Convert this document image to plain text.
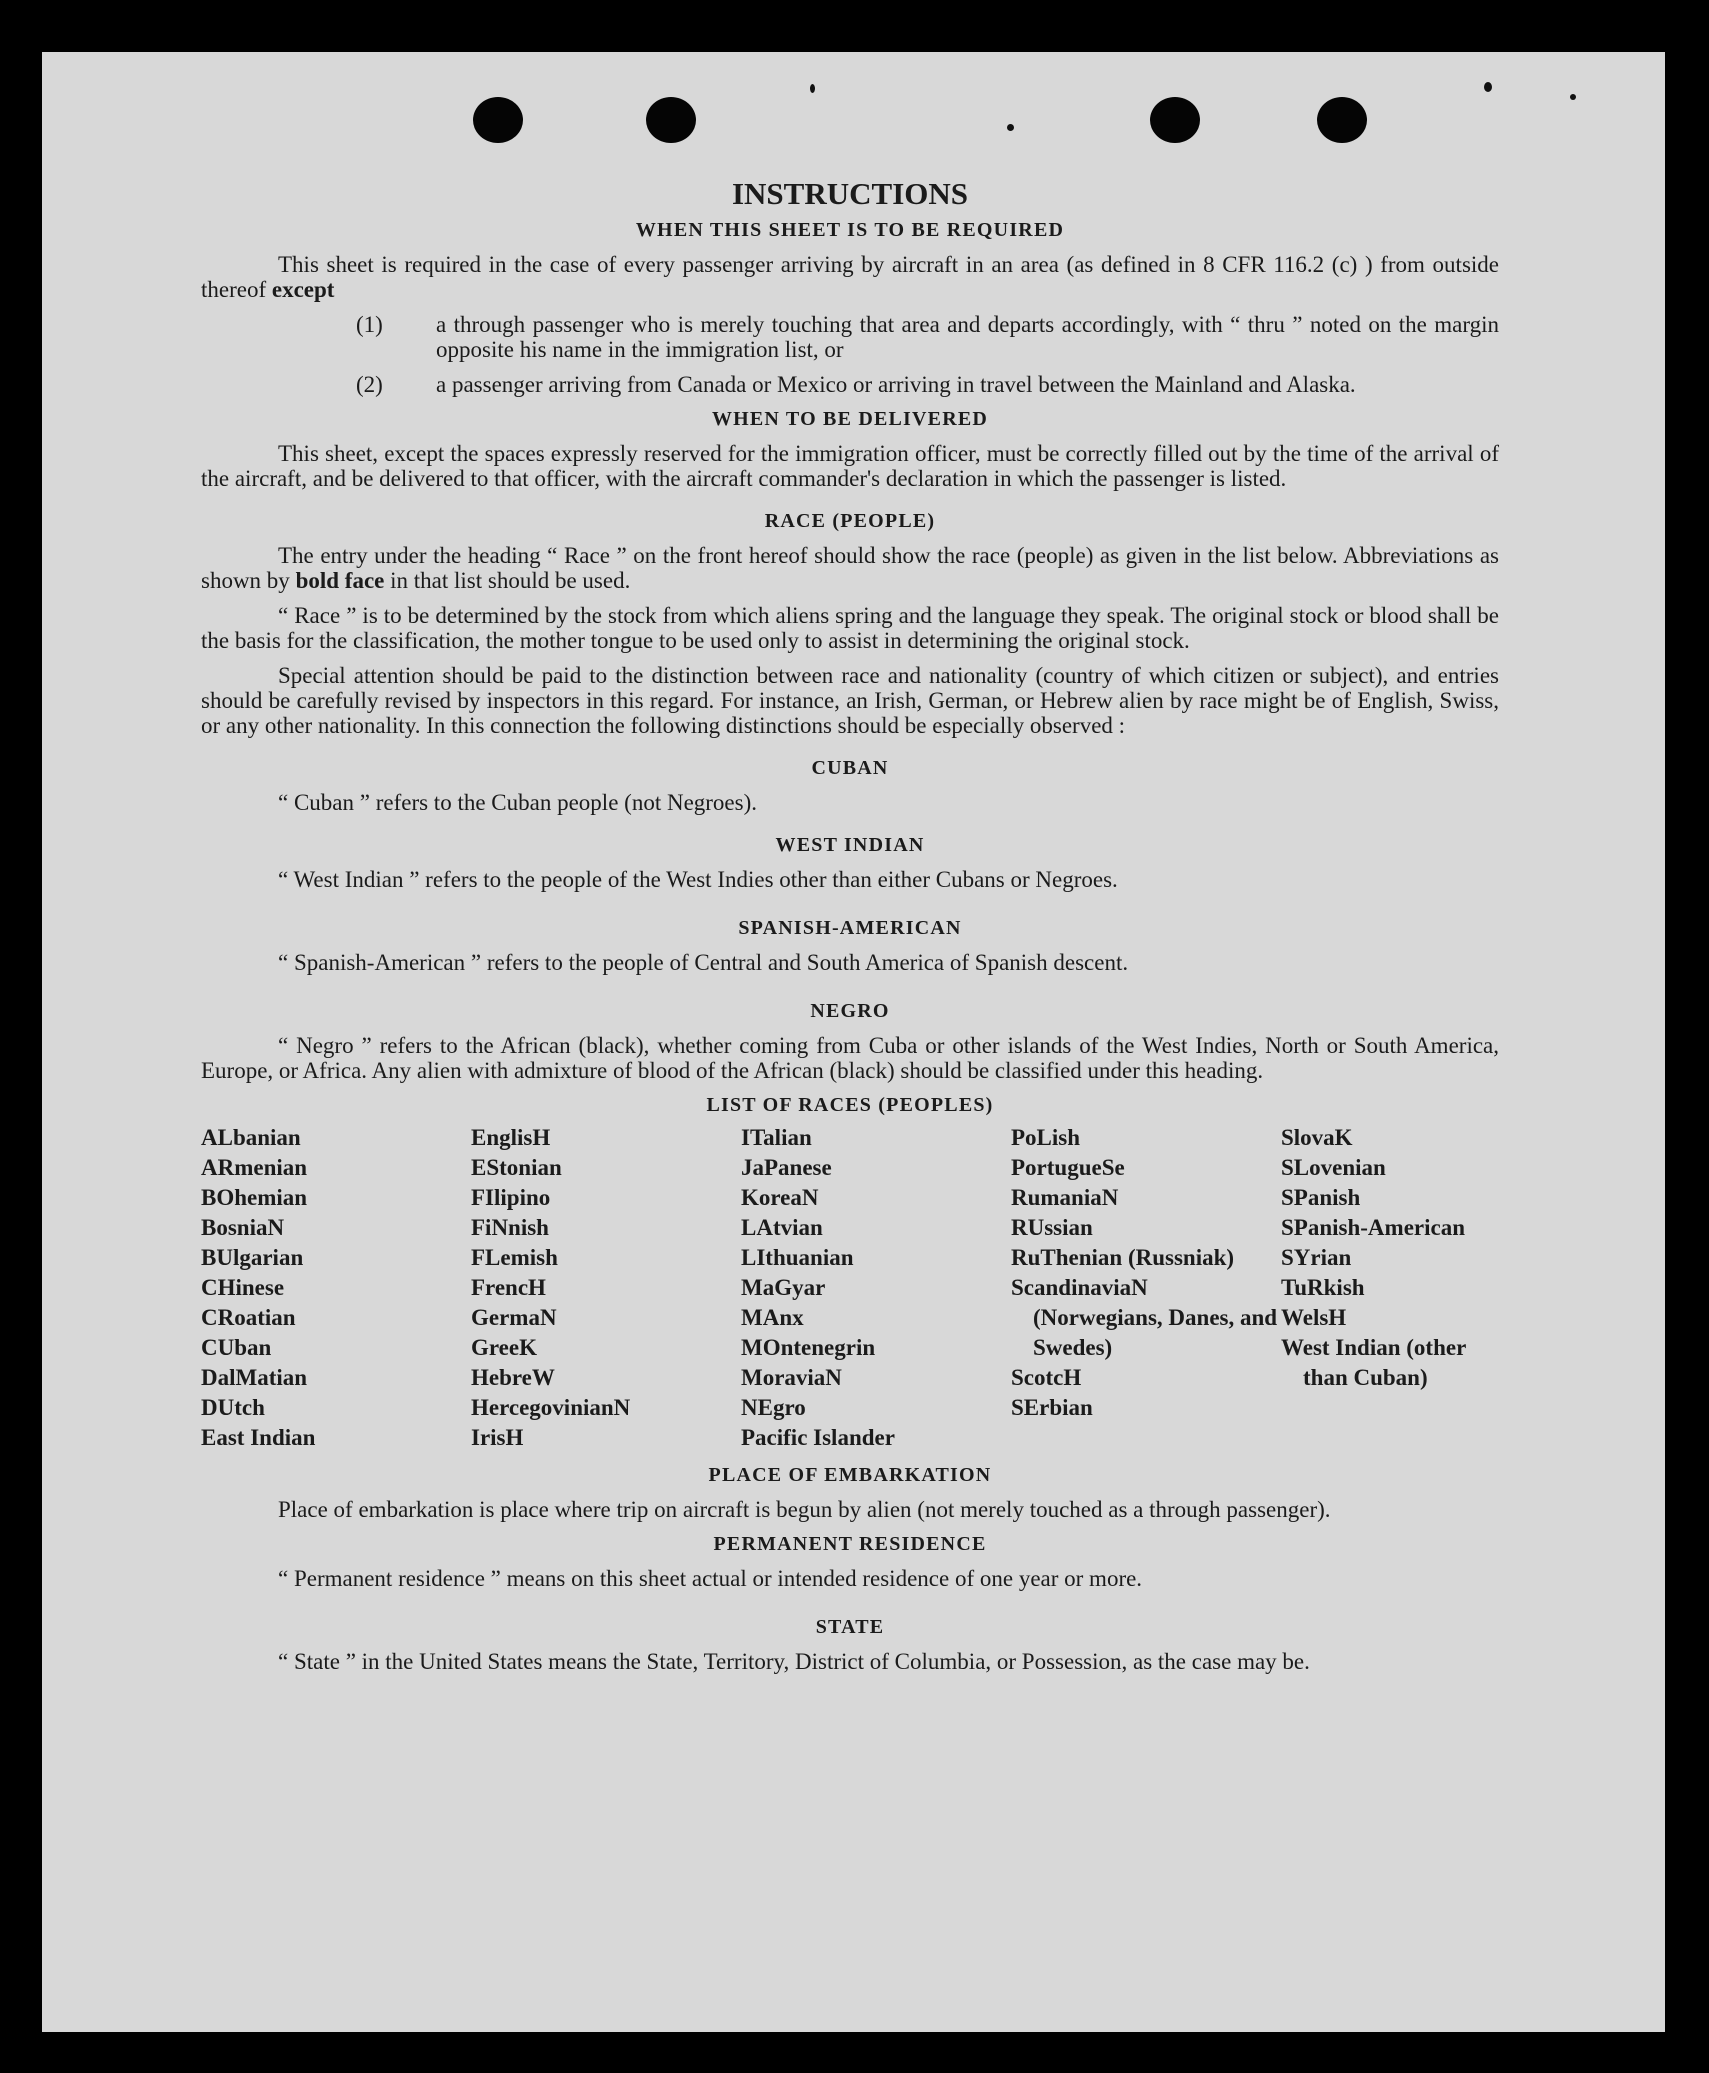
INSTRUCTIONS
WHEN THIS SHEET IS TO BE REQUIRED

This sheet is required in the case of every passenger arriving by aircraft in an area (as defined in 8 CFR 116.2 (c) ) from outside thereof except

(1) a through passenger who is merely touching that area and departs accordingly, with “ thru ” noted on the margin opposite his name in the immigration list, or

(2) a passenger arriving from Canada or Mexico or arriving in travel between the Mainland and Alaska.

WHEN TO BE DELIVERED

This sheet, except the spaces expressly reserved for the immigration officer, must be correctly filled out by the time of the arrival of the aircraft, and be delivered to that officer, with the aircraft commander's declaration in which the passenger is listed.

RACE (PEOPLE)

The entry under the heading “ Race ” on the front hereof should show the race (people) as given in the list below. Abbreviations as shown by bold face in that list should be used.

“ Race ” is to be determined by the stock from which aliens spring and the language they speak. The original stock or blood shall be the basis for the classification, the mother tongue to be used only to assist in determining the original stock.

Special attention should be paid to the distinction between race and nationality (country of which citizen or subject), and entries should be carefully revised by inspectors in this regard. For instance, an Irish, German, or Hebrew alien by race might be of English, Swiss, or any other nationality. In this connection the following distinctions should be especially observed :

CUBAN

“ Cuban ” refers to the Cuban people (not Negroes).

WEST INDIAN

“ West Indian ” refers to the people of the West Indies other than either Cubans or Negroes.

SPANISH-AMERICAN

“ Spanish-American ” refers to the people of Central and South America of Spanish descent.

NEGRO

“ Negro ” refers to the African (black), whether coming from Cuba or other islands of the West Indies, North or South America, Europe, or Africa. Any alien with admixture of blood of the African (black) should be classified under this heading.

LIST OF RACES (PEOPLES)
ALbanian
ARmenian
BOhemian
BosniaN
BUlgarian
CHinese
CRoatian
CUban
DalMatian
DUtch
East Indian
EnglisH
EStonian
FIlipino
FiNnish
FLemish
FrencH
GermaN
GreeK
HebreW
HercegovinianN
IrisH
ITalian
JaPanese
KoreaN
LAtvian
LIthuanian
MaGyar
MAnx
MOntenegrin
MoraviaN
NEgro
Pacific Islander
PoLish
PortugueSe
RumaniaN
RUssian
RuThenian (Russniak)
ScandinaviaN (Norwegians, Danes, and Swedes)
ScotcH
SErbian
SlovaK
SLovenian
SPanish
SPanish-American
SYrian
TuRkish
WelsH
West Indian (other than Cuban)
PLACE OF EMBARKATION

Place of embarkation is place where trip on aircraft is begun by alien (not merely touched as a through passenger).

PERMANENT RESIDENCE

“ Permanent residence ” means on this sheet actual or intended residence of one year or more.

STATE

“ State ” in the United States means the State, Territory, District of Columbia, or Possession, as the case may be.
